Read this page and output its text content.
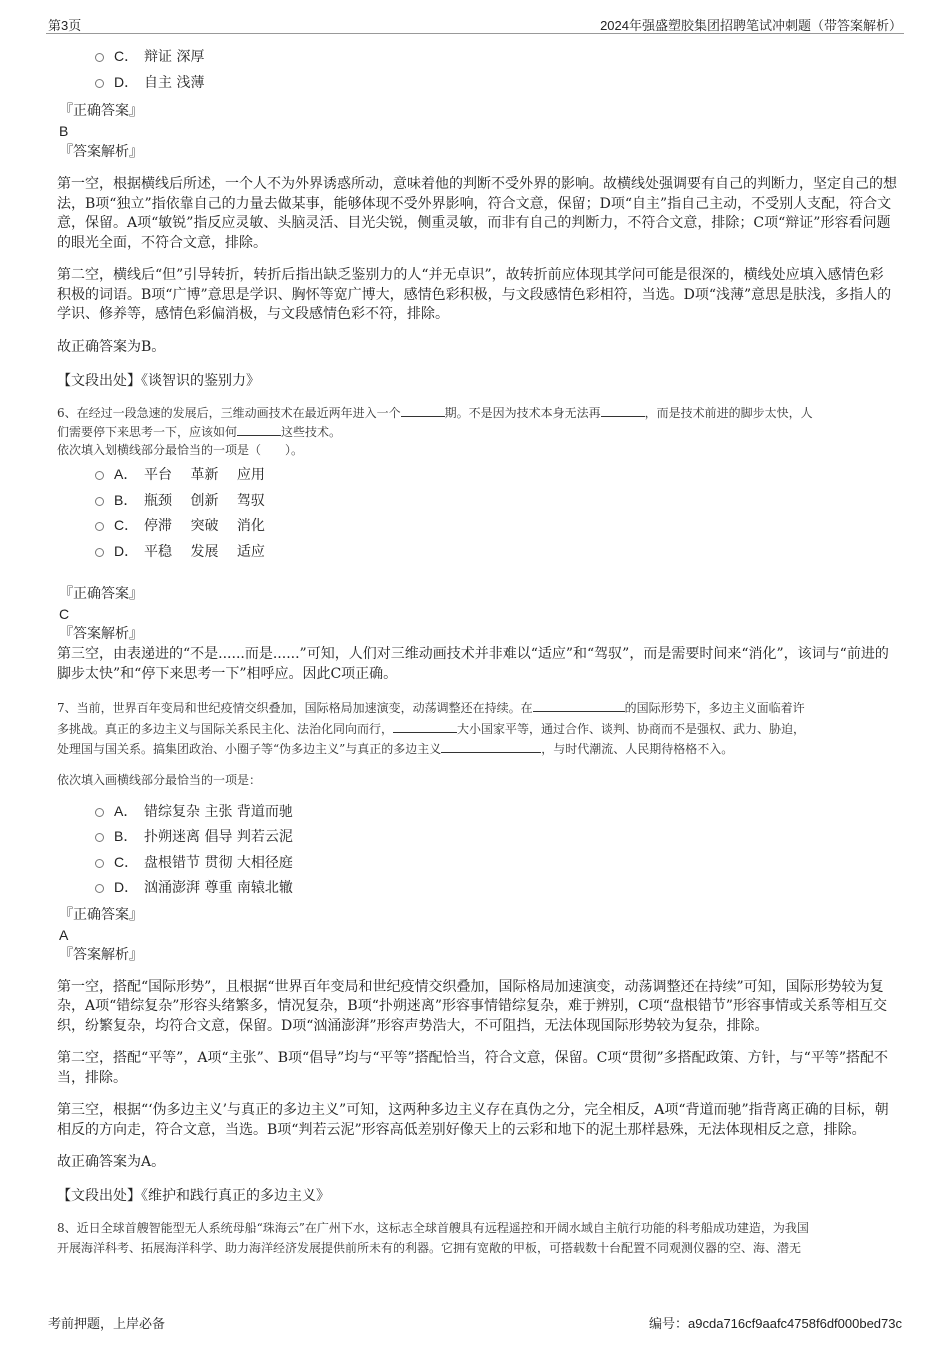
第3页	2024年强盛塑胶集团招聘笔试冲刺题（带答案解析）
C． 辩证 深厚
D． 自主 浅薄
『正确答案』
B
『答案解析』

第一空，根据横线后所述，一个人不为外界诱惑所动，意味着他的判断不受外界的影响。故横线处强调要有自己的判断力，坚定自己的想法，B项“独立”指依靠自己的力量去做某事，能够体现不受外界影响，符合文意，保留；D项“自主”指自己主动，不受别人支配，符合文意，保留。A项“敏锐”指反应灵敏、头脑灵活、目光尖锐，侧重灵敏，而非有自己的判断力，不符合文意，排除；C项“辩证”形容看问题的眼光全面，不符合文意，排除。

第二空，横线后“但”引导转折，转折后指出缺乏鉴别力的人“并无卓识”，故转折前应体现其学问可能是很深的，横线处应填入感情色彩积极的词语。B项“广博”意思是学识、胸怀等宽广博大，感情色彩积极，与文段感情色彩相符，当选。D项“浅薄”意思是肤浅，多指人的学识、修养等，感情色彩偏消极，与文段感情色彩不符，排除。

故正确答案为B。

【文段出处】《谈智识的鉴别力》

6、在经过一段急速的发展后，三维动画技术在最近两年进入一个	期。不是因为技术本身无法再	，而是技术前进的脚步太快，人
们需要停下来思考一下，应该如何	这些技术。

依次填入划横线部分最恰当的一项是（　　）。

A． 平台　 革新　 应用
B． 瓶颈　 创新　 驾驭
C． 停滞　 突破　 消化
D． 平稳　 发展　 适应
『正确答案』
C
『答案解析』

第三空，由表递进的“不是......而是......”可知，人们对三维动画技术并非难以“适应”和“驾驭”，而是需要时间来“消化”，该词与“前进的脚步太快”和“停下来思考一下”相呼应。因此C项正确。

7、当前，世界百年变局和世纪疫情交织叠加，国际格局加速演变，动荡调整还在持续。在	的国际形势下，多边主义面临着许
多挑战。真正的多边主义与国际关系民主化、法治化同向而行，	大小国家平等，通过合作、谈判、协商而不是强权、武力、胁迫，
处理国与国关系。搞集团政治、小圈子等“伪多边主义”与真正的多边主义	，与时代潮流、人民期待格格不入。

依次填入画横线部分最恰当的一项是：

A． 错综复杂 主张 背道而驰
B． 扑朔迷离 倡导 判若云泥
C． 盘根错节 贯彻 大相径庭
D． 汹涌澎湃 尊重 南辕北辙
『正确答案』
A
『答案解析』

第一空，搭配“国际形势”，且根据“世界百年变局和世纪疫情交织叠加，国际格局加速演变，动荡调整还在持续”可知，国际形势较为复杂，A项“错综复杂”形容头绪繁多，情况复杂，B项“扑朔迷离”形容事情错综复杂，难于辨别，C项“盘根错节”形容事情或关系等相互交织，纷繁复杂，均符合文意，保留。D项“汹涌澎湃”形容声势浩大，不可阻挡，无法体现国际形势较为复杂，排除。

第二空，搭配“平等”，A项“主张”、B项“倡导”均与“平等”搭配恰当，符合文意，保留。C项“贯彻”多搭配政策、方针，与“平等”搭配不当，排除。

第三空，根据“‘伪多边主义’与真正的多边主义”可知，这两种多边主义存在真伪之分，完全相反，A项“背道而驰”指背离正确的目标，朝相反的方向走，符合文意，当选。B项“判若云泥”形容高低差别好像天上的云彩和地下的泥土那样悬殊，无法体现相反之意，排除。

故正确答案为A。

【文段出处】《维护和践行真正的多边主义》

8、近日全球首艘智能型无人系统母船“珠海云”在广州下水，这标志全球首艘具有远程遥控和开阔水域自主航行功能的科考船成功建造，为我国
开展海洋科考、拓展海洋科学、助力海洋经济发展提供前所未有的利器。它拥有宽敞的甲板，可搭载数十台配置不同观测仪器的空、海、潜无

考前押题，上岸必备	编号：a9cda716cf9aafc4758f6df000bed73c
